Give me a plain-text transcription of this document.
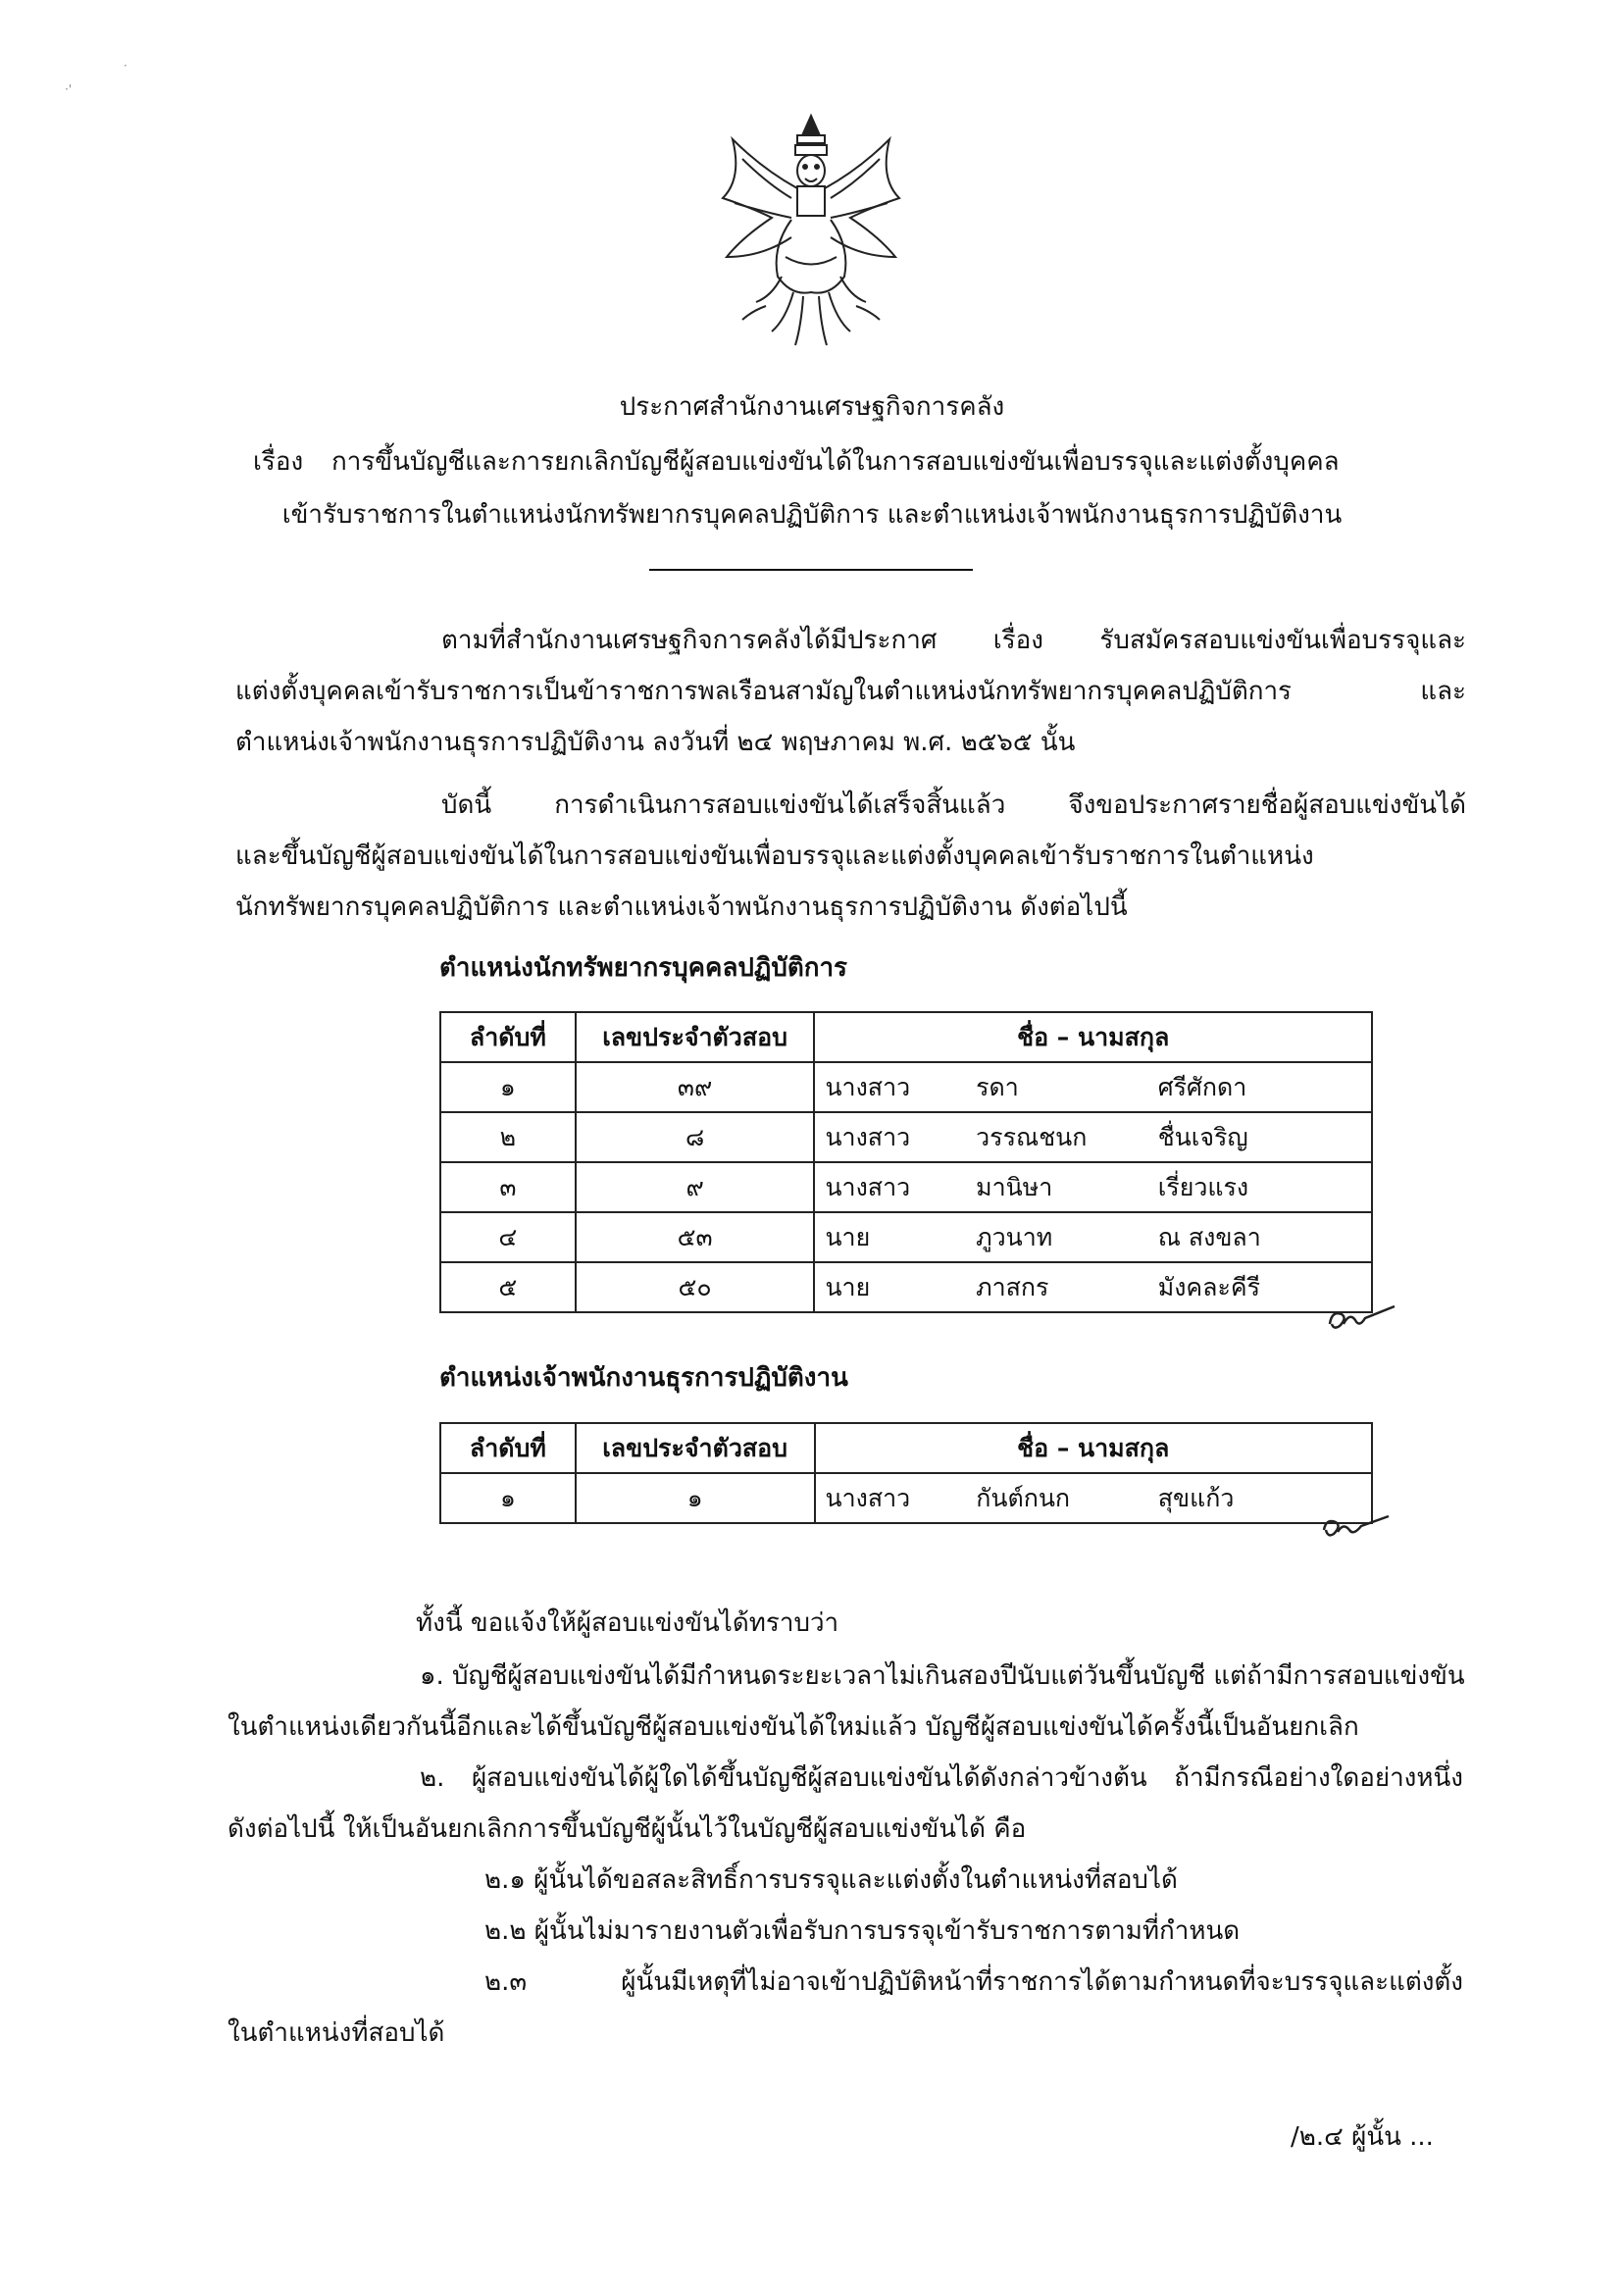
·'
·
ประกาศสำนักงานเศรษฐกิจการคลัง
เรื่อง การขึ้นบัญชีและการยกเลิกบัญชีผู้สอบแข่งขันได้ในการสอบแข่งขันเพื่อบรรจุและแต่งตั้งบุคคล
เข้ารับราชการในตำแหน่งนักทรัพยากรบุคคลปฏิบัติการ และตำแหน่งเจ้าพนักงานธุรการปฏิบัติงาน
ตามที่สำนักงานเศรษฐกิจการคลังได้มีประกาศ เรื่อง รับสมัครสอบแข่งขันเพื่อบรรจุและ
แต่งตั้งบุคคลเข้ารับราชการเป็นข้าราชการพลเรือนสามัญในตำแหน่งนักทรัพยากรบุคคลปฏิบัติการ และ
ตำแหน่งเจ้าพนักงานธุรการปฏิบัติงาน ลงวันที่ ๒๔ พฤษภาคม พ.ศ. ๒๕๖๕ นั้น
บัดนี้ การดำเนินการสอบแข่งขันได้เสร็จสิ้นแล้ว จึงขอประกาศรายชื่อผู้สอบแข่งขันได้
และขึ้นบัญชีผู้สอบแข่งขันได้ในการสอบแข่งขันเพื่อบรรจุและแต่งตั้งบุคคลเข้ารับราชการในตำแหน่ง
นักทรัพยากรบุคคลปฏิบัติการ และตำแหน่งเจ้าพนักงานธุรการปฏิบัติงาน ดังต่อไปนี้
ตำแหน่งนักทรัพยากรบุคคลปฏิบัติการ
ลำดับที่	เลขประจำตัวสอบ	ชื่อ – นามสกุล		
๑	๓๙	นางสาว	รดา	ศรีศักดา
๒	๘	นางสาว	วรรณชนก	ชื่นเจริญ
๓	๙	นางสาว	มานิษา	เรี่ยวแรง
๔	๕๓	นาย	ภูวนาท	ณ สงขลา
๕	๕๐	นาย	ภาสกร	มังคละคีรี
ตำแหน่งเจ้าพนักงานธุรการปฏิบัติงาน
ลำดับที่	เลขประจำตัวสอบ	ชื่อ – นามสกุล		
๑	๑	นางสาว	กันต์กนก	สุขแก้ว
ทั้งนี้ ขอแจ้งให้ผู้สอบแข่งขันได้ทราบว่า
๑. บัญชีผู้สอบแข่งขันได้มีกำหนดระยะเวลาไม่เกินสองปีนับแต่วันขึ้นบัญชี แต่ถ้ามีการสอบแข่งขัน
ในตำแหน่งเดียวกันนี้อีกและได้ขึ้นบัญชีผู้สอบแข่งขันได้ใหม่แล้ว บัญชีผู้สอบแข่งขันได้ครั้งนี้เป็นอันยกเลิก
๒. ผู้สอบแข่งขันได้ผู้ใดได้ขึ้นบัญชีผู้สอบแข่งขันได้ดังกล่าวข้างต้น ถ้ามีกรณีอย่างใดอย่างหนึ่ง
ดังต่อไปนี้ ให้เป็นอันยกเลิกการขึ้นบัญชีผู้นั้นไว้ในบัญชีผู้สอบแข่งขันได้ คือ
๒.๑ ผู้นั้นได้ขอสละสิทธิ์การบรรจุและแต่งตั้งในตำแหน่งที่สอบได้
๒.๒ ผู้นั้นไม่มารายงานตัวเพื่อรับการบรรจุเข้ารับราชการตามที่กำหนด
๒.๓ ผู้นั้นมีเหตุที่ไม่อาจเข้าปฏิบัติหน้าที่ราชการได้ตามกำหนดที่จะบรรจุและแต่งตั้ง
ในตำแหน่งที่สอบได้
/๒.๔ ผู้นั้น ...
